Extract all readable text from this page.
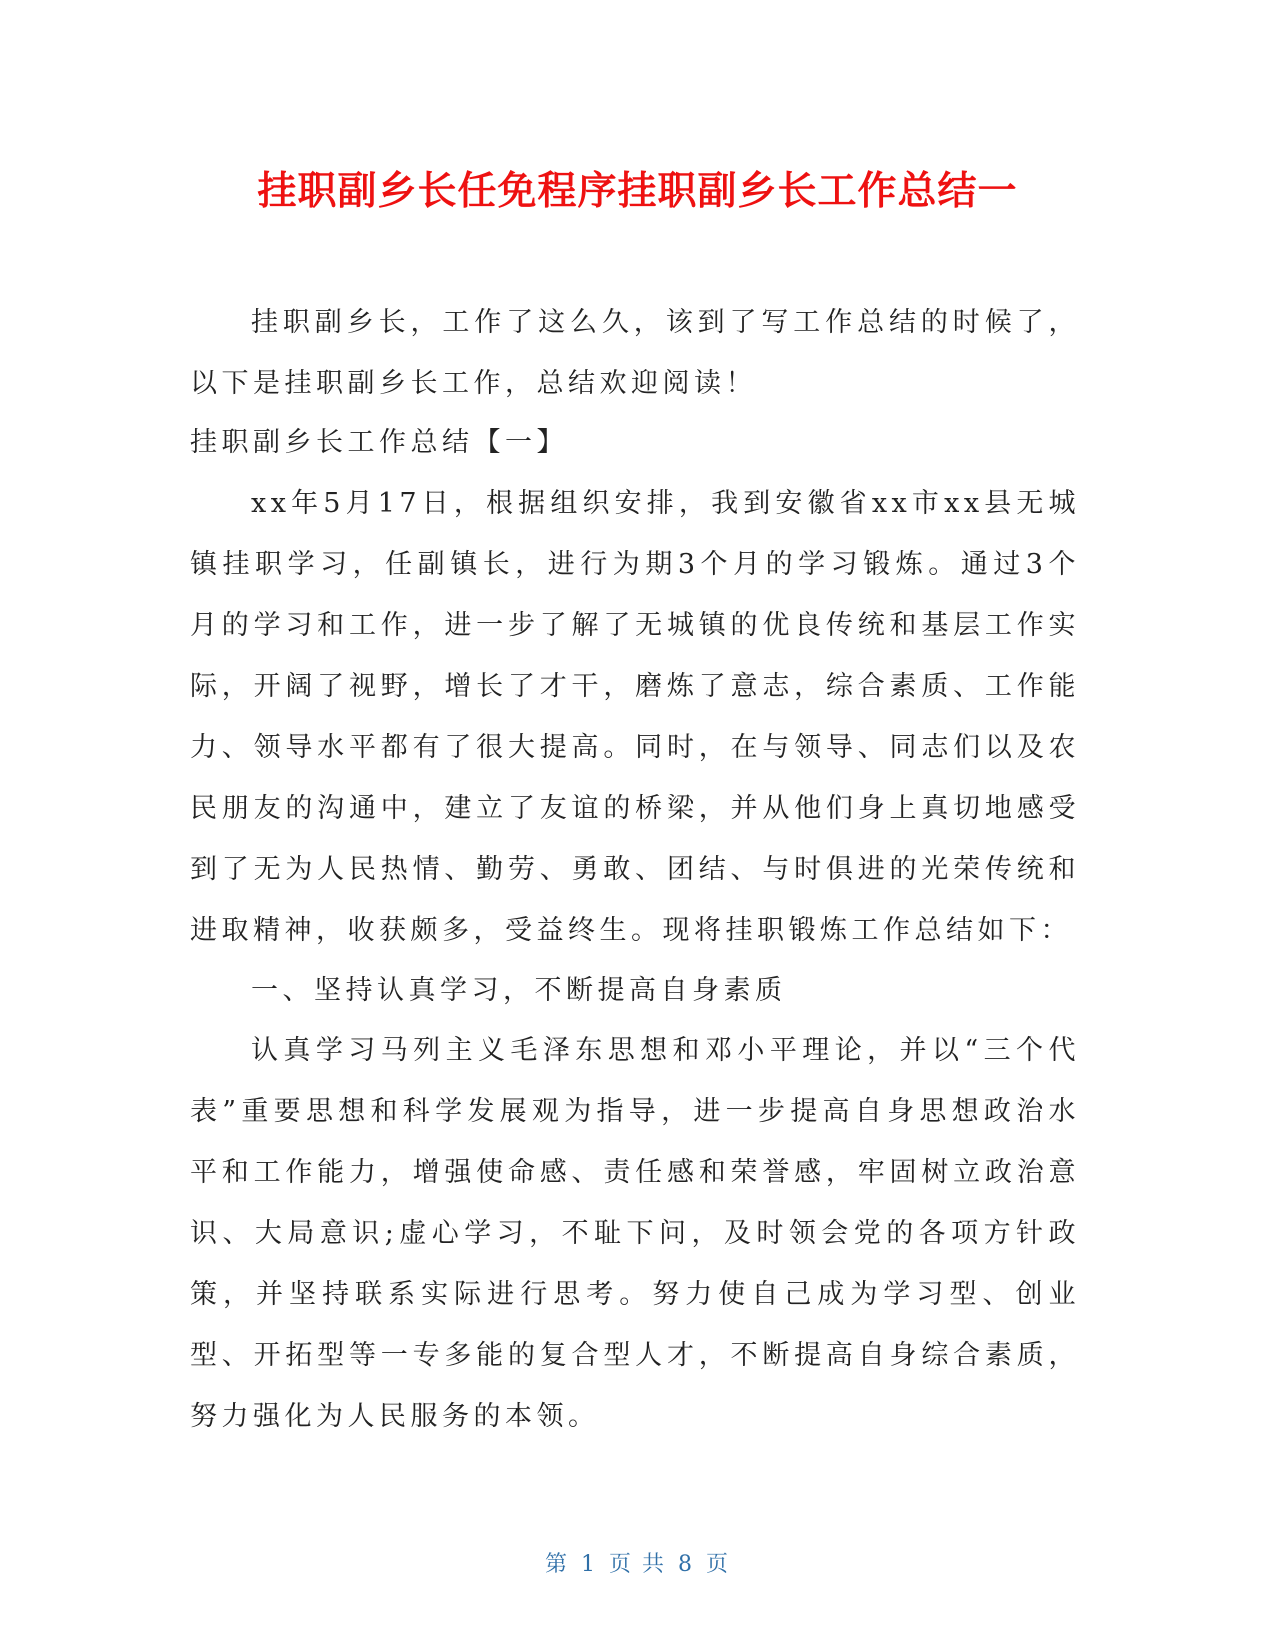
挂职副乡长任免程序挂职副乡长工作总结一

挂职副乡长，工作了这么久，该到了写工作总结的时候了，以下是挂职副乡长工作，总结欢迎阅读！

挂职副乡长工作总结【一】

xx年5月17日，根据组织安排，我到安徽省xx市xx县无城镇挂职学习，任副镇长，进行为期3个月的学习锻炼。通过3个月的学习和工作，进一步了解了无城镇的优良传统和基层工作实际，开阔了视野，增长了才干，磨炼了意志，综合素质、工作能力、领导水平都有了很大提高。同时，在与领导、同志们以及农民朋友的沟通中，建立了友谊的桥梁，并从他们身上真切地感受到了无为人民热情、勤劳、勇敢、团结、与时俱进的光荣传统和进取精神，收获颇多，受益终生。现将挂职锻炼工作总结如下：

一、坚持认真学习，不断提高自身素质

认真学习马列主义毛泽东思想和邓小平理论，并以“三个代表”重要思想和科学发展观为指导，进一步提高自身思想政治水平和工作能力，增强使命感、责任感和荣誉感，牢固树立政治意识、大局意识;虚心学习，不耻下问，及时领会党的各项方针政策，并坚持联系实际进行思考。努力使自己成为学习型、创业型、开拓型等一专多能的复合型人才，不断提高自身综合素质，努力强化为人民服务的本领。

第 1 页 共 8 页
